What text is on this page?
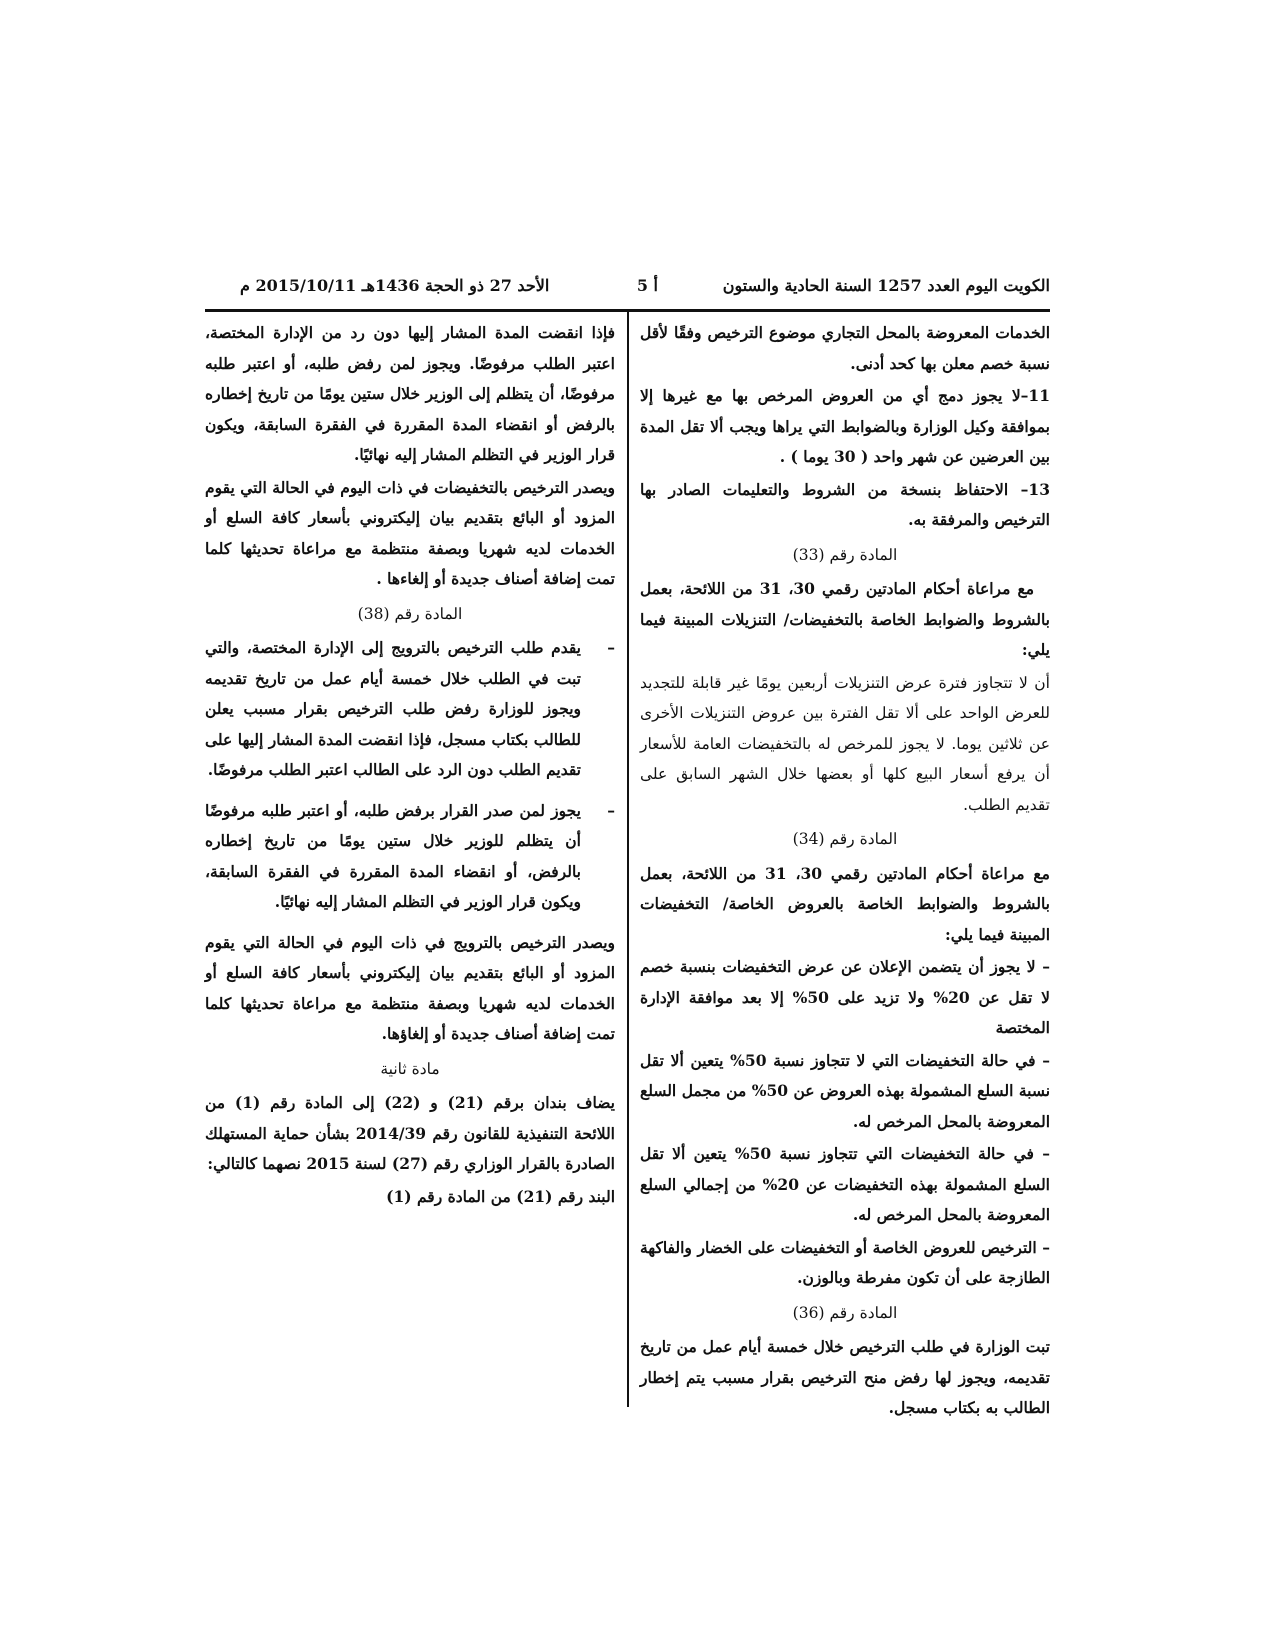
الكويت اليوم العدد 1257 السنة الحادية والستون
أ 5
الأحد 27 ذو الحجة 1436هـ 2015/10/11 م

الخدمات المعروضة بالمحل التجاري موضوع الترخيص وفقًا لأقل نسبة خصم معلن بها كحد أدنى.

11–لا يجوز دمج أي من العروض المرخص بها مع غيرها إلا بموافقة وكيل الوزارة وبالضوابط التي يراها ويجب ألا تقل المدة بين العرضين عن شهر واحد ( 30 يوما ) .

13– الاحتفاظ بنسخة من الشروط والتعليمات الصادر بها الترخيص والمرفقة به.

المادة رقم (33)

مع مراعاة أحكام المادتين رقمي 30، 31 من اللائحة، بعمل بالشروط والضوابط الخاصة بالتخفيضات/ التنزيلات المبينة فيما يلي:

أن لا تتجاوز فترة عرض التنزيلات أربعين يومًا غير قابلة للتجديد للعرض الواحد على ألا تقل الفترة بين عروض التنزيلات الأخرى عن ثلاثين يوما. لا يجوز للمرخص له بالتخفيضات العامة للأسعار أن يرفع أسعار البيع كلها أو بعضها خلال الشهر السابق على تقديم الطلب.

المادة رقم (34)

مع مراعاة أحكام المادتين رقمي 30، 31 من اللائحة، بعمل بالشروط والضوابط الخاصة بالعروض الخاصة/ التخفيضات المبينة فيما يلي:

– لا يجوز أن يتضمن الإعلان عن عرض التخفيضات بنسبة خصم لا تقل عن 20% ولا تزيد على 50% إلا بعد موافقة الإدارة المختصة

– في حالة التخفيضات التي لا تتجاوز نسبة 50% يتعين ألا تقل نسبة السلع المشمولة بهذه العروض عن 50% من مجمل السلع المعروضة بالمحل المرخص له.

– في حالة التخفيضات التي تتجاوز نسبة 50% يتعين ألا تقل السلع المشمولة بهذه التخفيضات عن 20% من إجمالي السلع المعروضة بالمحل المرخص له.

– الترخيص للعروض الخاصة أو التخفيضات على الخضار والفاكهة الطازجة على أن تكون مفرطة وبالوزن.

المادة رقم (36)

تبت الوزارة في طلب الترخيص خلال خمسة أيام عمل من تاريخ تقديمه، ويجوز لها رفض منح الترخيص بقرار مسبب يتم إخطار الطالب به بكتاب مسجل.

فإذا انقضت المدة المشار إليها دون رد من الإدارة المختصة، اعتبر الطلب مرفوضًا. ويجوز لمن رفض طلبه، أو اعتبر طلبه مرفوضًا، أن يتظلم إلى الوزير خلال ستين يومًا من تاريخ إخطاره بالرفض أو انقضاء المدة المقررة في الفقرة السابقة، ويكون قرار الوزير في التظلم المشار إليه نهائيًا.

ويصدر الترخيص بالتخفيضات في ذات اليوم في الحالة التي يقوم المزود أو البائع بتقديم بيان إليكتروني بأسعار كافة السلع أو الخدمات لديه شهريا وبصفة منتظمة مع مراعاة تحديثها كلما تمت إضافة أصناف جديدة أو إلغاءها .

المادة رقم (38)

–
يقدم طلب الترخيص بالترويج إلى الإدارة المختصة، والتي تبت في الطلب خلال خمسة أيام عمل من تاريخ تقديمه ويجوز للوزارة رفض طلب الترخيص بقرار مسبب يعلن للطالب بكتاب مسجل، فإذا انقضت المدة المشار إليها على تقديم الطلب دون الرد على الطالب اعتبر الطلب مرفوضًا.
–
يجوز لمن صدر القرار برفض طلبه، أو اعتبر طلبه مرفوضًا أن يتظلم للوزير خلال ستين يومًا من تاريخ إخطاره بالرفض، أو انقضاء المدة المقررة في الفقرة السابقة، ويكون قرار الوزير في التظلم المشار إليه نهائيًا.

ويصدر الترخيص بالترويج في ذات اليوم في الحالة التي يقوم المزود أو البائع بتقديم بيان إليكتروني بأسعار كافة السلع أو الخدمات لديه شهريا وبصفة منتظمة مع مراعاة تحديثها كلما تمت إضافة أصناف جديدة أو إلغاؤها.

مادة ثانية

يضاف بندان برقم (21) و (22) إلى المادة رقم (1) من اللائحة التنفيذية للقانون رقم 2014/39 بشأن حماية المستهلك الصادرة بالقرار الوزاري رقم (27) لسنة 2015 نصهما كالتالي:

البند رقم (21) من المادة رقم (1)
